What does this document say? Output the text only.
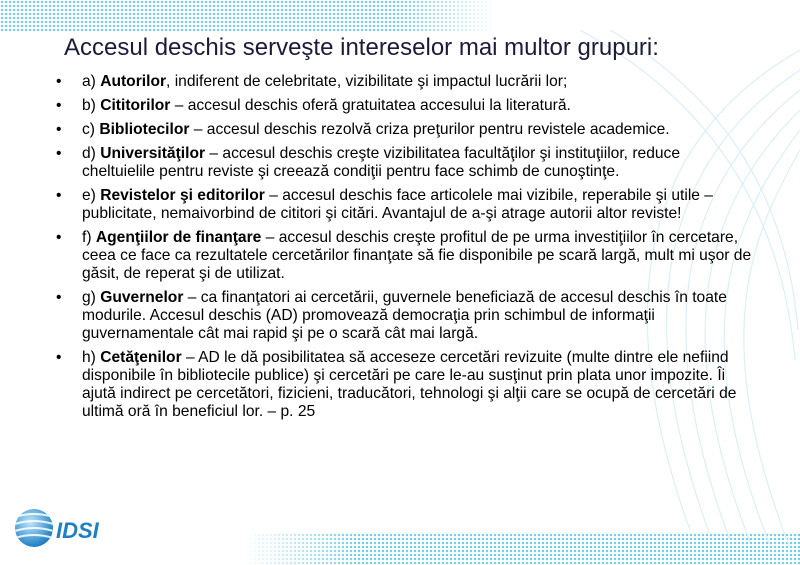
Accesul deschis serveşte intereselor mai multor grupuri:
• a) Autorilor, indiferent de celebritate, vizibilitate şi impactul lucrării lor;
• b) Cititorilor – accesul deschis oferă gratuitatea accesului la literatură.
• c) Bibliotecilor – accesul deschis rezolvă criza preţurilor pentru revistele academice.
• d) Universităţilor – accesul deschis creşte vizibilitatea facultăţilor şi instituţiilor, reduce cheltuielile pentru reviste şi creează condiţii pentru face schimb de cunoştinţe.
• e) Revistelor şi editorilor – accesul deschis face articolele mai vizibile, reperabile şi utile – publicitate, nemaivorbind de cititori şi citări. Avantajul de a-şi atrage autorii altor reviste!
• f) Agenţiilor de finanţare – accesul deschis creşte profitul de pe urma investiţiilor în cercetare, ceea ce face ca rezultatele cercetărilor finanţate să fie disponibile pe scară largă, mult mi uşor de găsit, de reperat şi de utilizat.
• g) Guvernelor – ca finanţatori ai cercetării, guvernele beneficiază de accesul deschis în toate modurile. Accesul deschis (AD) promovează democraţia prin schimbul de informaţii guvernamentale cât mai rapid şi pe o scară cât mai largă.
• h) Cetăţenilor – AD le dă posibilitatea să acceseze cercetări revizuite (multe dintre ele nefiind disponibile în bibliotecile publice) şi cercetări pe care le-au susţinut prin plata unor impozite. Îi ajută indirect pe cercetători, fizicieni, traducători, tehnologi şi alţii care se ocupă de cercetări de ultimă oră în beneficiul lor. – p. 25
IDSI
